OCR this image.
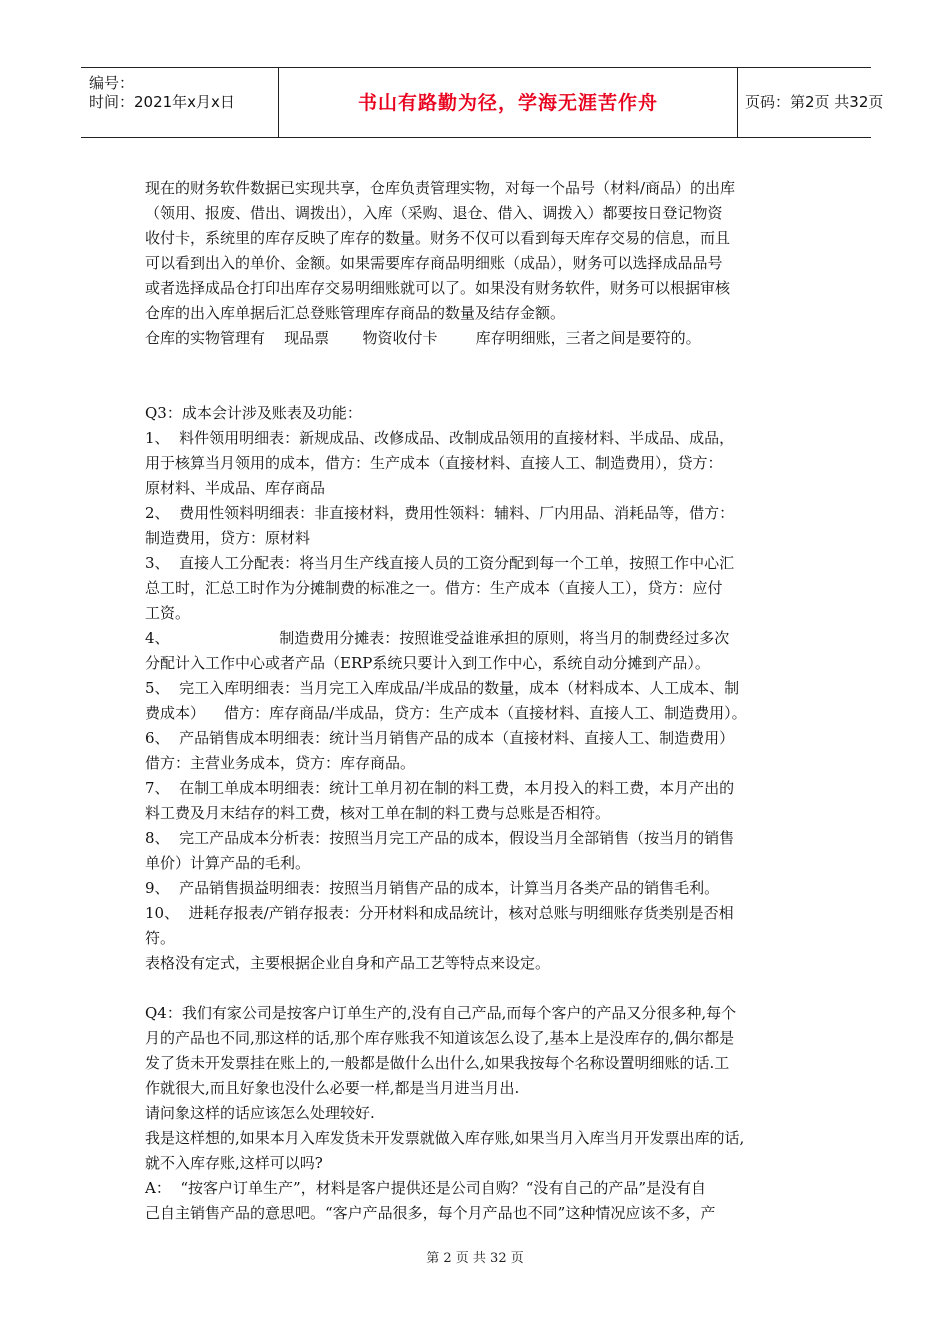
编号：
时间：2021年x月x日	书山有路勤为径，学海无涯苦作舟	页码：第2页 共32页
现在的财务软件数据已实现共享，仓库负责管理实物，对每一个品号（材料/商品）的出库
（领用、报废、借出、调拨出），入库（采购、退仓、借入、调拨入）都要按日登记物资
收付卡，系统里的库存反映了库存的数量。财务不仅可以看到每天库存交易的信息，而且
可以看到出入的单价、金额。如果需要库存商品明细账（成品），财务可以选择成品品号
或者选择成品仓打印出库存交易明细账就可以了。如果没有财务软件，财务可以根据审核
仓库的出入库单据后汇总登账管理库存商品的数量及结存金额。
仓库的实物管理有    现品票       物资收付卡        库存明细账，三者之间是要符的。
Q3：成本会计涉及账表及功能：
1、  料件领用明细表：新规成品、改修成品、改制成品领用的直接材料、半成品、成品，
用于核算当月领用的成本，借方：生产成本（直接材料、直接人工、制造费用），贷方：
原材料、半成品、库存商品
2、  费用性领料明细表：非直接材料，费用性领料：辅料、厂内用品、消耗品等，借方：
制造费用，贷方：原材料
3、  直接人工分配表：将当月生产线直接人员的工资分配到每一个工单，按照工作中心汇
总工时，汇总工时作为分摊制费的标准之一。借方：生产成本（直接人工），贷方：应付
工资。
4、                       制造费用分摊表：按照谁受益谁承担的原则，将当月的制费经过多次
分配计入工作中心或者产品（ERP系统只要计入到工作中心，系统自动分摊到产品）。
5、  完工入库明细表：当月完工入库成品/半成品的数量，成本（材料成本、人工成本、制
费成本）    借方：库存商品/半成品，贷方：生产成本（直接材料、直接人工、制造费用）。
6、  产品销售成本明细表：统计当月销售产品的成本（直接材料、直接人工、制造费用）
借方：主营业务成本，贷方：库存商品。
7、  在制工单成本明细表：统计工单月初在制的料工费，本月投入的料工费，本月产出的
料工费及月末结存的料工费，核对工单在制的料工费与总账是否相符。
8、  完工产品成本分析表：按照当月完工产品的成本，假设当月全部销售（按当月的销售
单价）计算产品的毛利。
9、  产品销售损益明细表：按照当月销售产品的成本，计算当月各类产品的销售毛利。
10、  进耗存报表/产销存报表：分开材料和成品统计，核对总账与明细账存货类别是否相
符。
表格没有定式，主要根据企业自身和产品工艺等特点来设定。
Q4：我们有家公司是按客户订单生产的,没有自己产品,而每个客户的产品又分很多种,每个
月的产品也不同,那这样的话,那个库存账我不知道该怎么设了,基本上是没库存的,偶尔都是
发了货未开发票挂在账上的,一般都是做什么出什么,如果我按每个名称设置明细账的话.工
作就很大,而且好象也没什么必要一样,都是当月进当月出.
请问象这样的话应该怎么处理较好.
我是这样想的,如果本月入库发货未开发票就做入库存账,如果当月入库当月开发票出库的话,
就不入库存账,这样可以吗?
A：  “按客户订单生产”，材料是客户提供还是公司自购？“没有自己的产品”是没有自
己自主销售产品的意思吧。“客户产品很多，每个月产品也不同”这种情况应该不多，产
第 2 页 共 32 页
